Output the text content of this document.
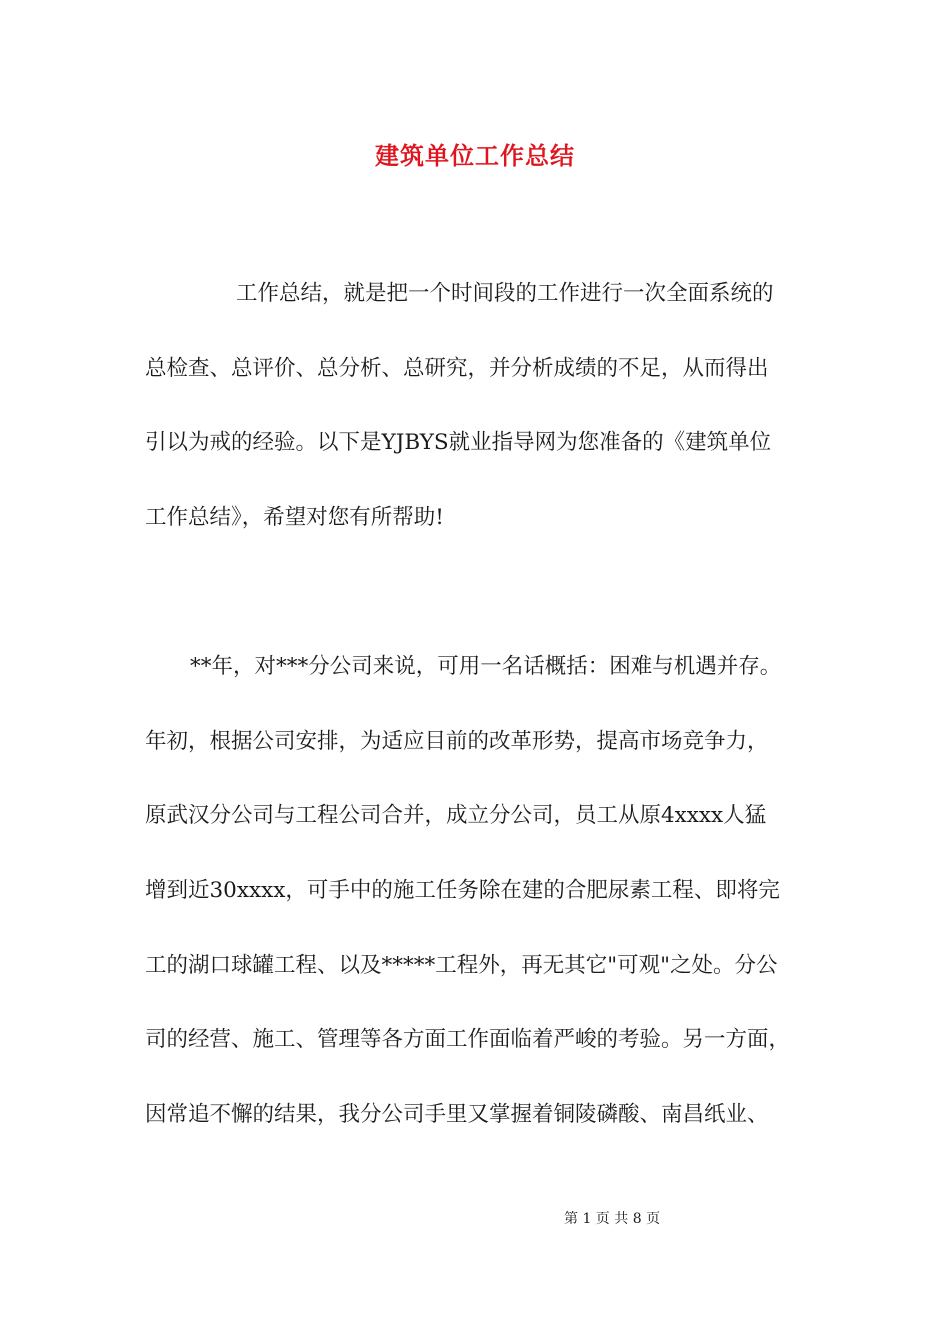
建筑单位工作总结
工作总结，就是把一个时间段的工作进行一次全面系统的
总检查、总评价、总分析、总研究，并分析成绩的不足，从而得出
引以为戒的经验。以下是YJBYS就业指导网为您准备的《建筑单位
工作总结》，希望对您有所帮助!
**年，对***分公司来说，可用一名话概括：困难与机遇并存。
年初，根据公司安排，为适应目前的改革形势，提高市场竞争力，
原武汉分公司与工程公司合并，成立分公司，员工从原4xxxx人猛
增到近30xxxx，可手中的施工任务除在建的合肥尿素工程、即将完
工的湖口球罐工程、以及*****工程外，再无其它"可观"之处。分公
司的经营、施工、管理等各方面工作面临着严峻的考验。另一方面，
因常追不懈的结果，我分公司手里又掌握着铜陵磷酸、南昌纸业、
第 1 页 共 8 页
